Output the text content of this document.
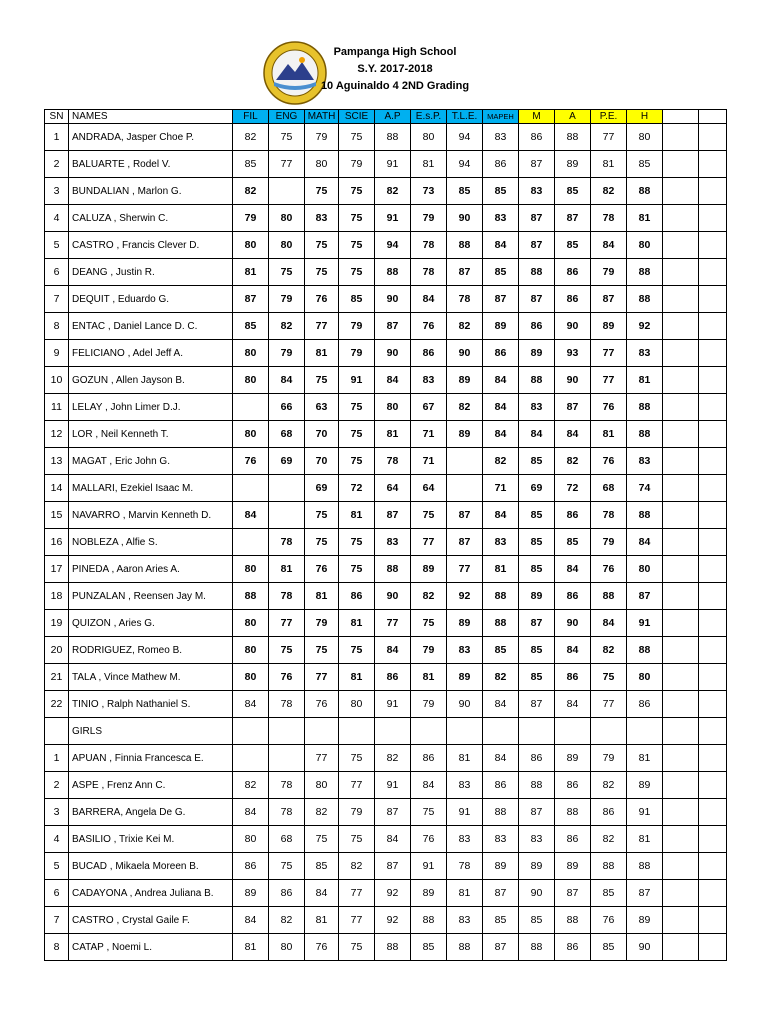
Pampanga High School
S.Y. 2017-2018
10 Aguinaldo 4 2ND Grading
SN	NAMES	FIL	ENG	MATH	SCIE	A.P	E.s.P.	T.L.E.	MAPEH	M	A	P.E.	H		
1	ANDRADA, Jasper Choe P.	82	75	79	75	88	80	94	83	86	88	77	80		
2	BALUARTE , Rodel V.	85	77	80	79	91	81	94	86	87	89	81	85		
3	BUNDALIAN , Marlon G.	82		75	75	82	73	85	85	83	85	82	88		
4	CALUZA , Sherwin C.	79	80	83	75	91	79	90	83	87	87	78	81		
5	CASTRO , Francis Clever D.	80	80	75	75	94	78	88	84	87	85	84	80		
6	DEANG , Justin R.	81	75	75	75	88	78	87	85	88	86	79	88		
7	DEQUIT , Eduardo G.	87	79	76	85	90	84	78	87	87	86	87	88		
8	ENTAC , Daniel Lance D. C.	85	82	77	79	87	76	82	89	86	90	89	92		
9	FELICIANO , Adel Jeff A.	80	79	81	79	90	86	90	86	89	93	77	83		
10	GOZUN , Allen Jayson B.	80	84	75	91	84	83	89	84	88	90	77	81		
11	LELAY , John Limer D.J.		66	63	75	80	67	82	84	83	87	76	88		
12	LOR , Neil Kenneth T.	80	68	70	75	81	71	89	84	84	84	81	88		
13	MAGAT , Eric John G.	76	69	70	75	78	71		82	85	82	76	83		
14	MALLARI, Ezekiel Isaac M.			69	72	64	64		71	69	72	68	74		
15	NAVARRO , Marvin Kenneth D.	84		75	81	87	75	87	84	85	86	78	88		
16	NOBLEZA , Alfie S.		78	75	75	83	77	87	83	85	85	79	84		
17	PINEDA , Aaron Aries A.	80	81	76	75	88	89	77	81	85	84	76	80		
18	PUNZALAN , Reensen Jay M.	88	78	81	86	90	82	92	88	89	86	88	87		
19	QUIZON , Aries G.	80	77	79	81	77	75	89	88	87	90	84	91		
20	RODRIGUEZ, Romeo B.	80	75	75	75	84	79	83	85	85	84	82	88		
21	TALA , Vince Mathew M.	80	76	77	81	86	81	89	82	85	86	75	80		
22	TINIO , Ralph Nathaniel S.	84	78	76	80	91	79	90	84	87	84	77	86		
	GIRLS														
1	APUAN , Finnia Francesca E.			77	75	82	86	81	84	86	89	79	81		
2	ASPE , Frenz Ann C.	82	78	80	77	91	84	83	86	88	86	82	89		
3	BARRERA, Angela De G.	84	78	82	79	87	75	91	88	87	88	86	91		
4	BASILIO , Trixie Kei M.	80	68	75	75	84	76	83	83	83	86	82	81		
5	BUCAD , Mikaela Moreen B.	86	75	85	82	87	91	78	89	89	89	88	88		
6	CADAYONA , Andrea Juliana B.	89	86	84	77	92	89	81	87	90	87	85	87		
7	CASTRO , Crystal Gaile F.	84	82	81	77	92	88	83	85	85	88	76	89		
8	CATAP , Noemi L.	81	80	76	75	88	85	88	87	88	86	85	90		
